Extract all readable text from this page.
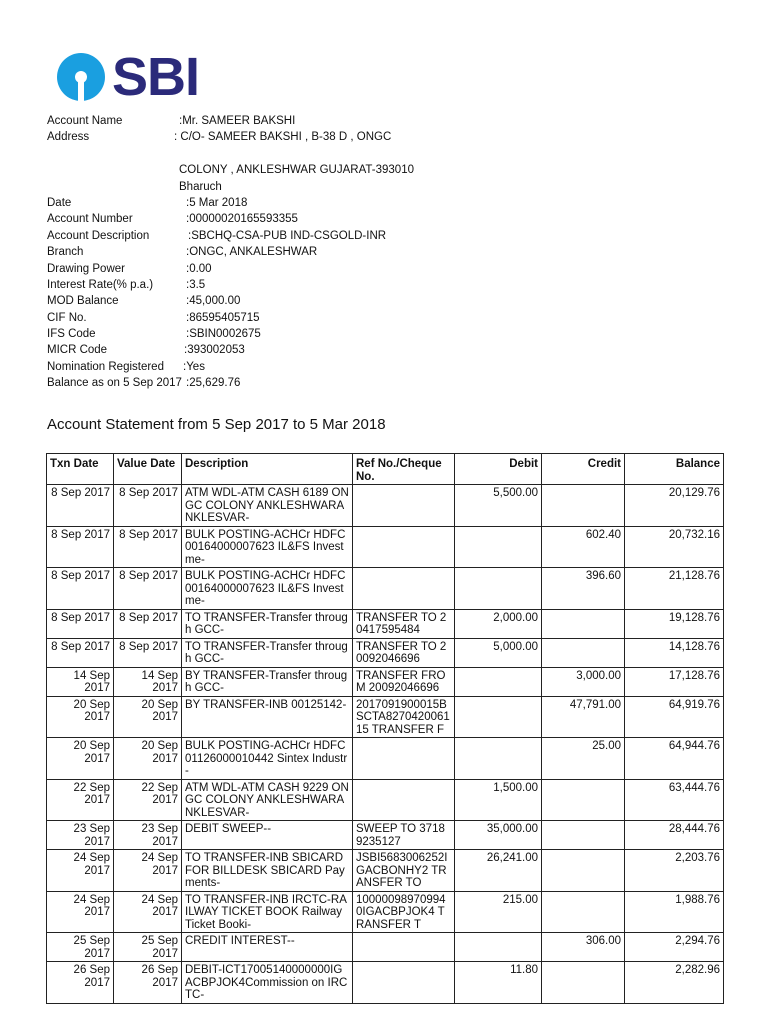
SBI
Account Name	:Mr. SAMEER BAKSHI
Address	: C/O- SAMEER BAKSHI , B-38 D , ONGC
COLONY , ANKLESHWAR GUJARAT-393010
Bharuch
Date	:5 Mar 2018
Account Number	:00000020165593355
Account Description	:SBCHQ-CSA-PUB IND-CSGOLD-INR
Branch	:ONGC, ANKALESHWAR
Drawing Power	:0.00
Interest Rate(% p.a.)	:3.5
MOD Balance	:45,000.00
CIF No.	:86595405715
IFS Code	:SBIN0002675
MICR Code	:393002053
Nomination Registered :Yes
Balance as on 5 Sep 2017 :25,629.76
Account Statement from 5 Sep 2017 to 5 Mar 2018
Txn Date	Value Date	Description	Ref No./Cheque No.	Debit	Credit	Balance
8 Sep 2017	8 Sep 2017	ATM WDL-ATM CASH 6189 ONGC COLONY ANKLESHWARANKLESVAR-		5,500.00		20,129.76
8 Sep 2017	8 Sep 2017	BULK POSTING-ACHCr HDFC00164000007623 IL&FS Investme-			602.40	20,732.16
8 Sep 2017	8 Sep 2017	BULK POSTING-ACHCr HDFC00164000007623 IL&FS Investme-			396.60	21,128.76
8 Sep 2017	8 Sep 2017	TO TRANSFER-Transfer through GCC-	TRANSFER TO 20417595484	2,000.00		19,128.76
8 Sep 2017	8 Sep 2017	TO TRANSFER-Transfer through GCC-	TRANSFER TO 20092046696	5,000.00		14,128.76
14 Sep 2017	14 Sep 2017	BY TRANSFER-Transfer through GCC-	TRANSFER FROM 20092046696		3,000.00	17,128.76
20 Sep 2017	20 Sep 2017	BY TRANSFER-INB 00125142-	2017091900015BSCTA827042006115 TRANSFER F		47,791.00	64,919.76
20 Sep 2017	20 Sep 2017	BULK POSTING-ACHCr HDFC01126000010442 Sintex Industr-			25.00	64,944.76
22 Sep 2017	22 Sep 2017	ATM WDL-ATM CASH 9229 ONGC COLONY ANKLESHWARANKLESVAR-		1,500.00		63,444.76
23 Sep 2017	23 Sep 2017	DEBIT SWEEP--	SWEEP TO 37189235127	35,000.00		28,444.76
24 Sep 2017	24 Sep 2017	TO TRANSFER-INB SBICARD FOR BILLDESK SBICARD Payments-	JSBI5683006252IGACBONHY2 TRANSFER TO	26,241.00		2,203.76
24 Sep 2017	24 Sep 2017	TO TRANSFER-INB IRCTC-RAILWAY TICKET BOOK Railway Ticket Booki-	100000989709940IGACBPJOK4 TRANSFER T	215.00		1,988.76
25 Sep 2017	25 Sep 2017	CREDIT INTEREST--			306.00	2,294.76
26 Sep 2017	26 Sep 2017	DEBIT-ICT17005140000000IGACBPJOK4Commission on IRCTC-		11.80		2,282.96
